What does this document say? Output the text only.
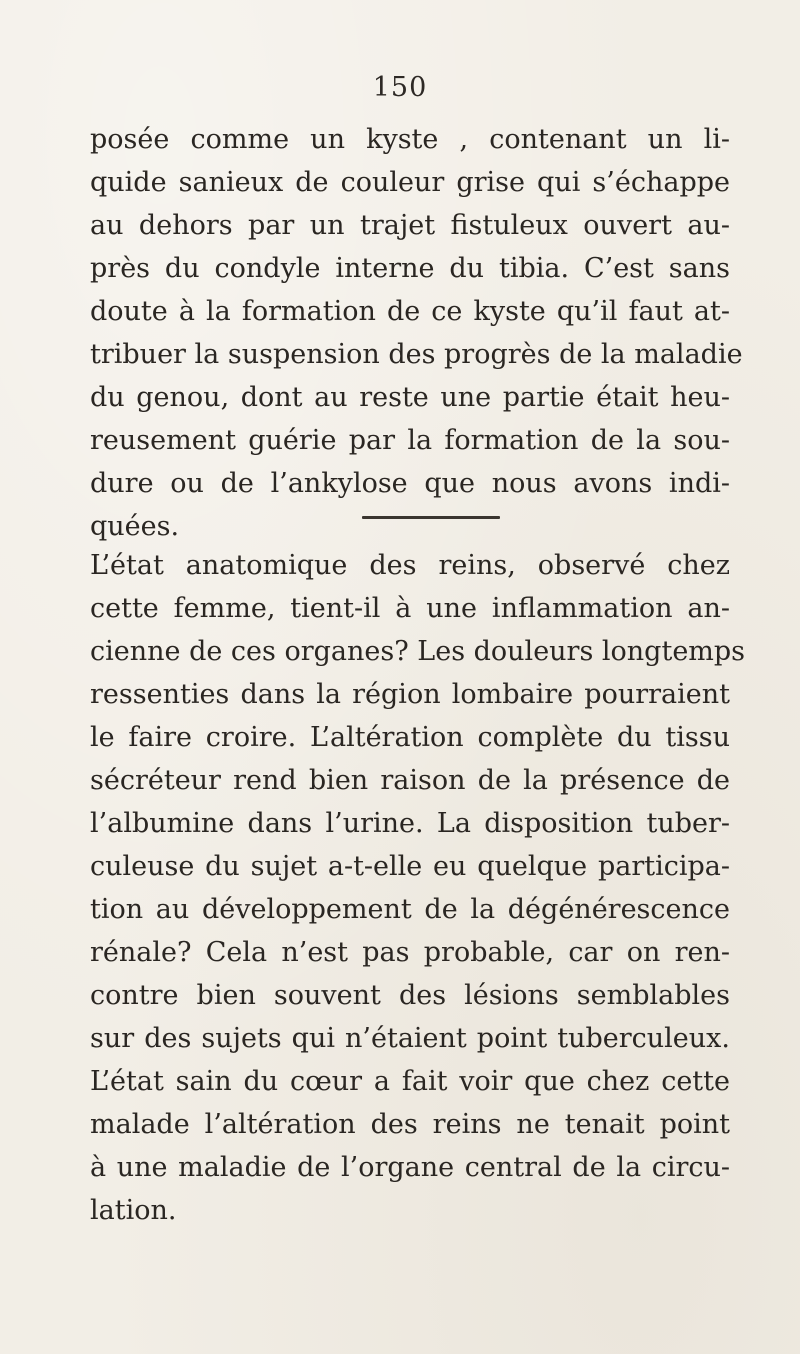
150
posée comme un kyste , contenant un li-
quide sanieux de couleur grise qui s’échappe
au dehors par un trajet fistuleux ouvert au-
près du condyle interne du tibia. C’est sans
doute à la formation de ce kyste qu’il faut at-
tribuer la suspension des progrès de la maladie
du genou, dont au reste une partie était heu-
reusement guérie par la formation de la sou-
dure ou de l’ankylose que nous avons indi-
quées.
L’état anatomique des reins, observé chez
cette femme, tient-il à une inflammation an-
cienne de ces organes? Les douleurs longtemps
ressenties dans la région lombaire pourraient
le faire croire. L’altération complète du tissu
sécréteur rend bien raison de la présence de
l’albumine dans l’urine. La disposition tuber-
culeuse du sujet a-t-elle eu quelque participa-
tion au développement de la dégénérescence
rénale? Cela n’est pas probable, car on ren-
contre bien souvent des lésions semblables
sur des sujets qui n’étaient point tuberculeux.
L’état sain du cœur a fait voir que chez cette
malade l’altération des reins ne tenait point
à une maladie de l’organe central de la circu-
lation.
